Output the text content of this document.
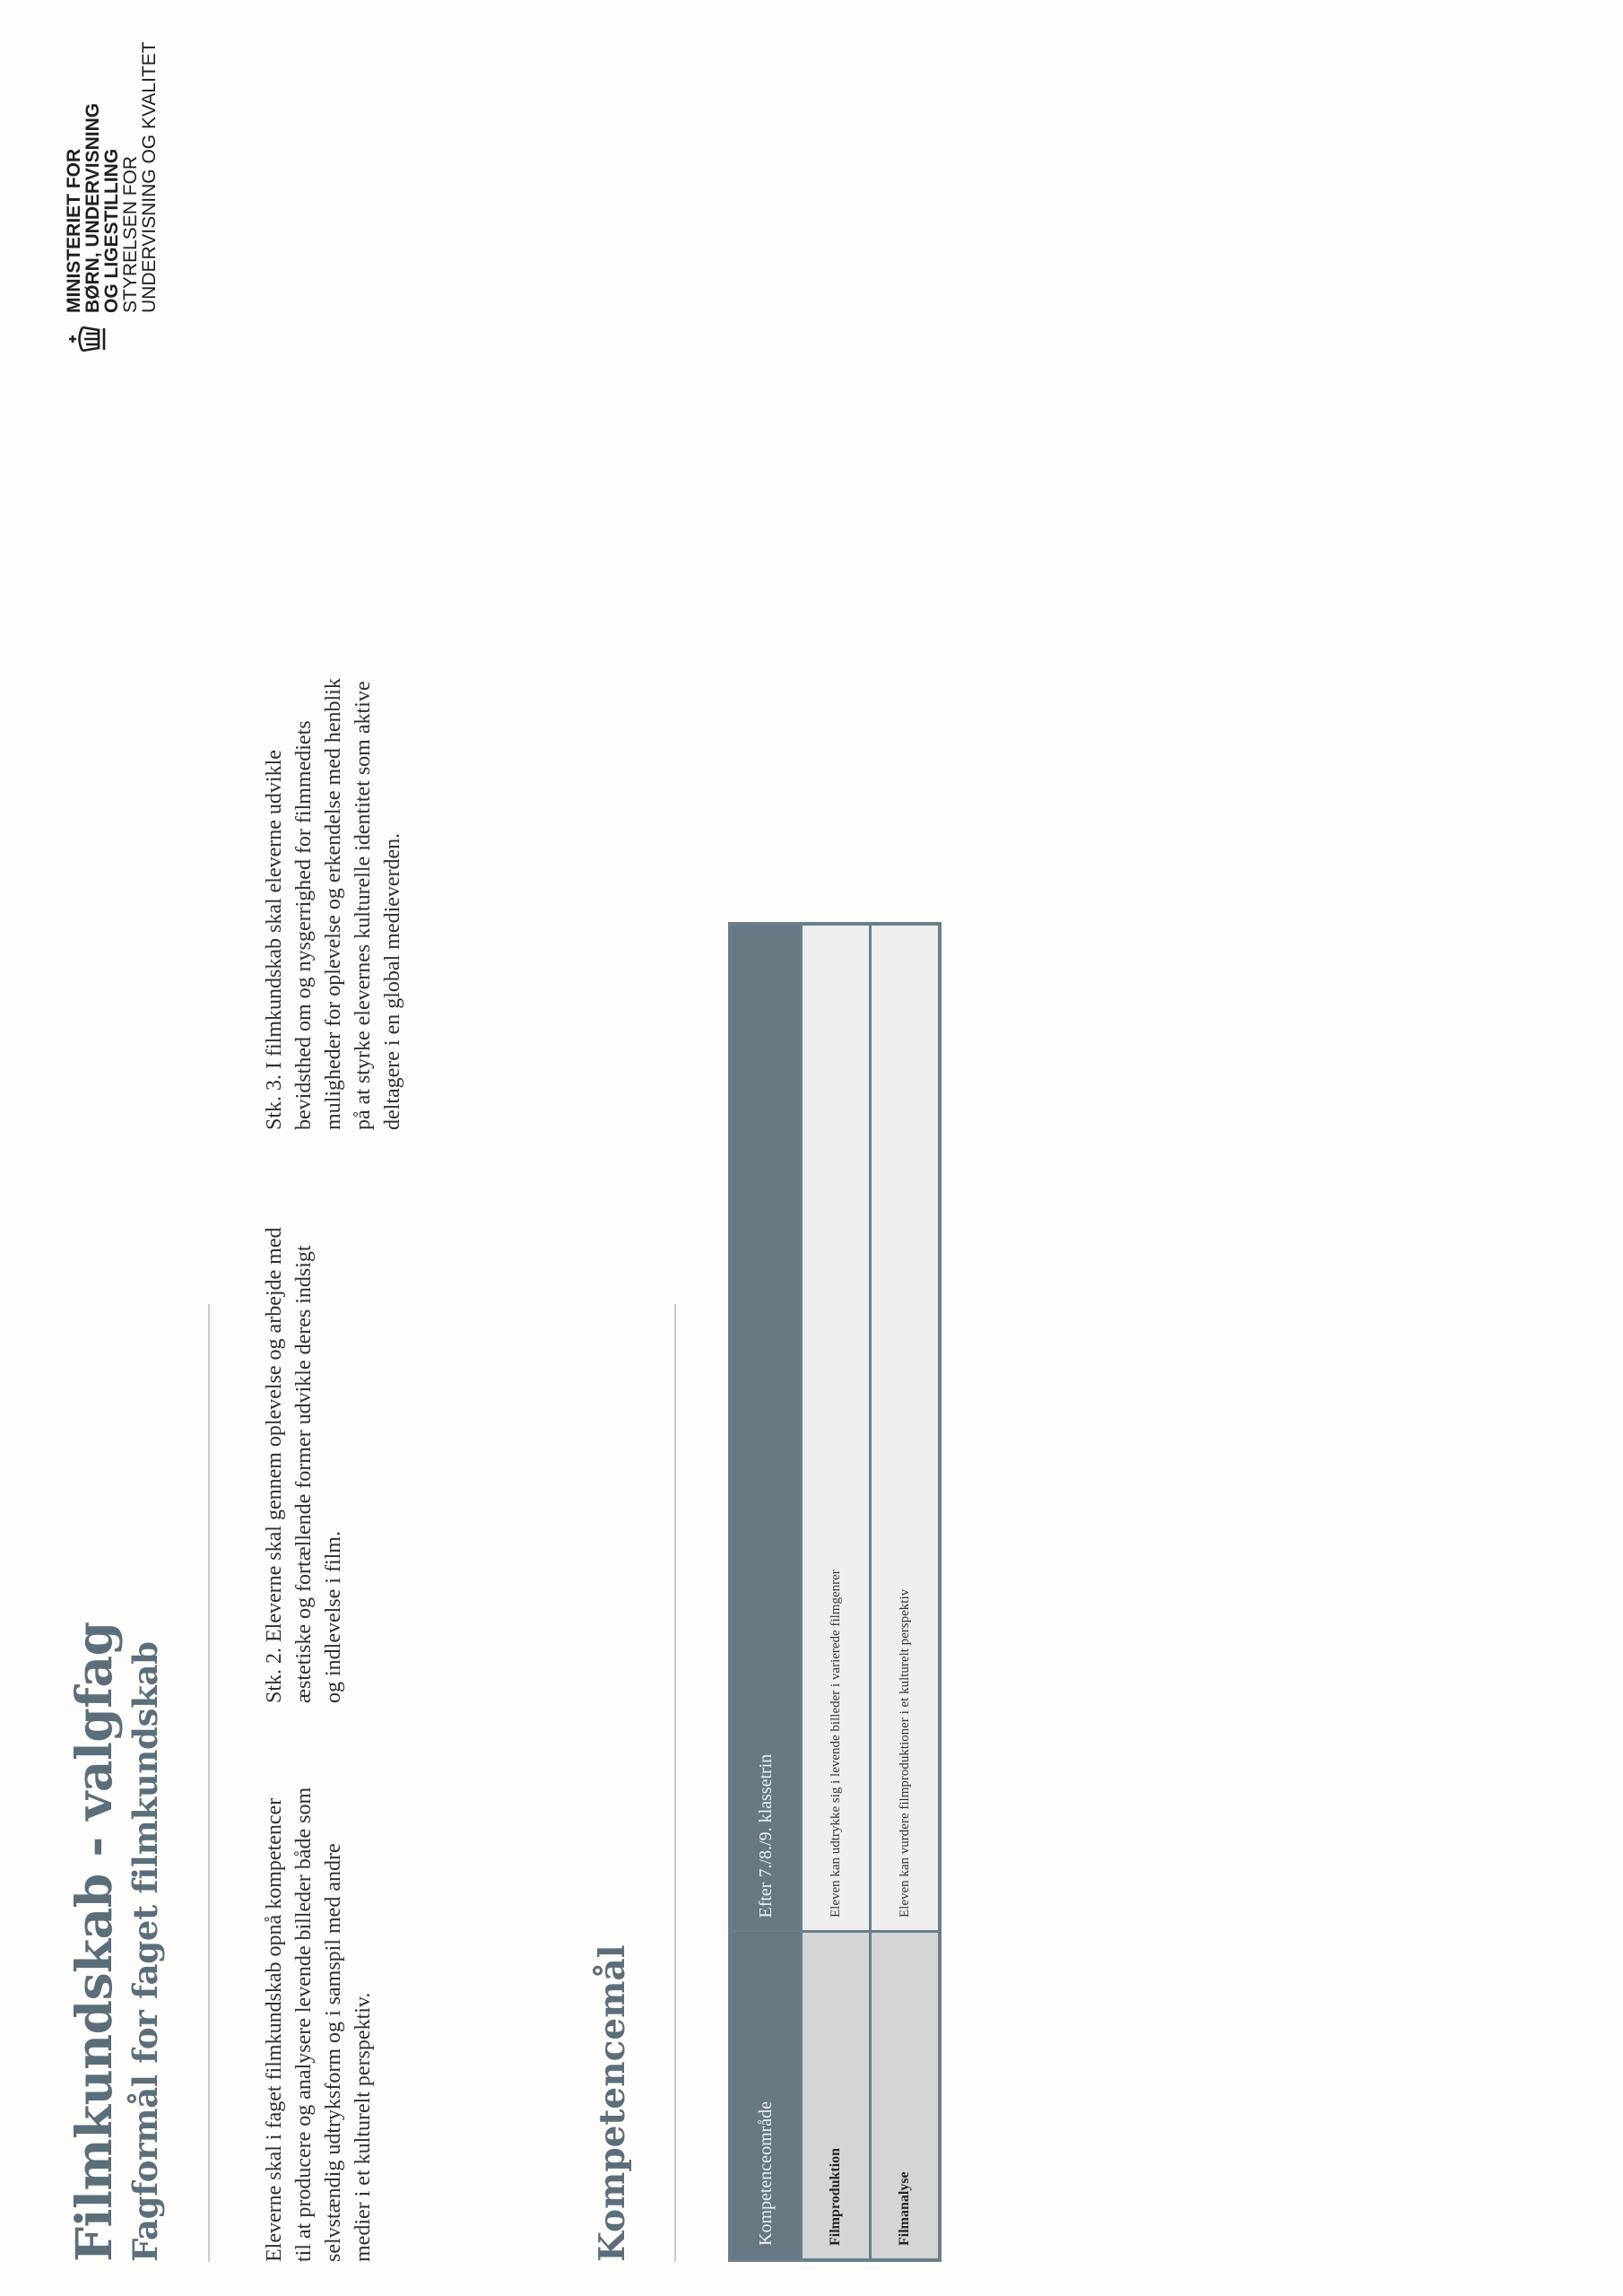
Filmkundskab - valgfag Fagformål for faget filmkundskab	Eleverne skal i faget filmkundskab opnå kompetencer til at producere og analysere levende billeder både som selvstændig udtryksform og i samspil med andre medier i et kulturelt perspektiv.

Stk. 2. Eleverne skal gennem oplevelse og arbejde med æstetiske og fortællende former udvikle deres indsigt og indlevelse i film.

Stk. 3. I filmkundskab skal eleverne udvikle bevidsthed om og nysgerrighed for filmmediets muligheder for oplevelse og erkendelse med henblik på at styrke elevernes kulturelle identitet som aktive deltagere i en global medieverden.

Kompetencemål	Kompetenceområde	Efter 7./8./9. klassetrin
Filmproduktion	Eleven kan udtrykke sig i levende billeder i varierede filmgenrer
Filmanalyse	Eleven kan vurdere filmproduktioner i et kulturelt perspektiv
MINISTERIET FOR
BØRN, UNDERVISNING
OG LIGESTILLING
STYRELSEN FOR
UNDERVISNING OG KVALITET
